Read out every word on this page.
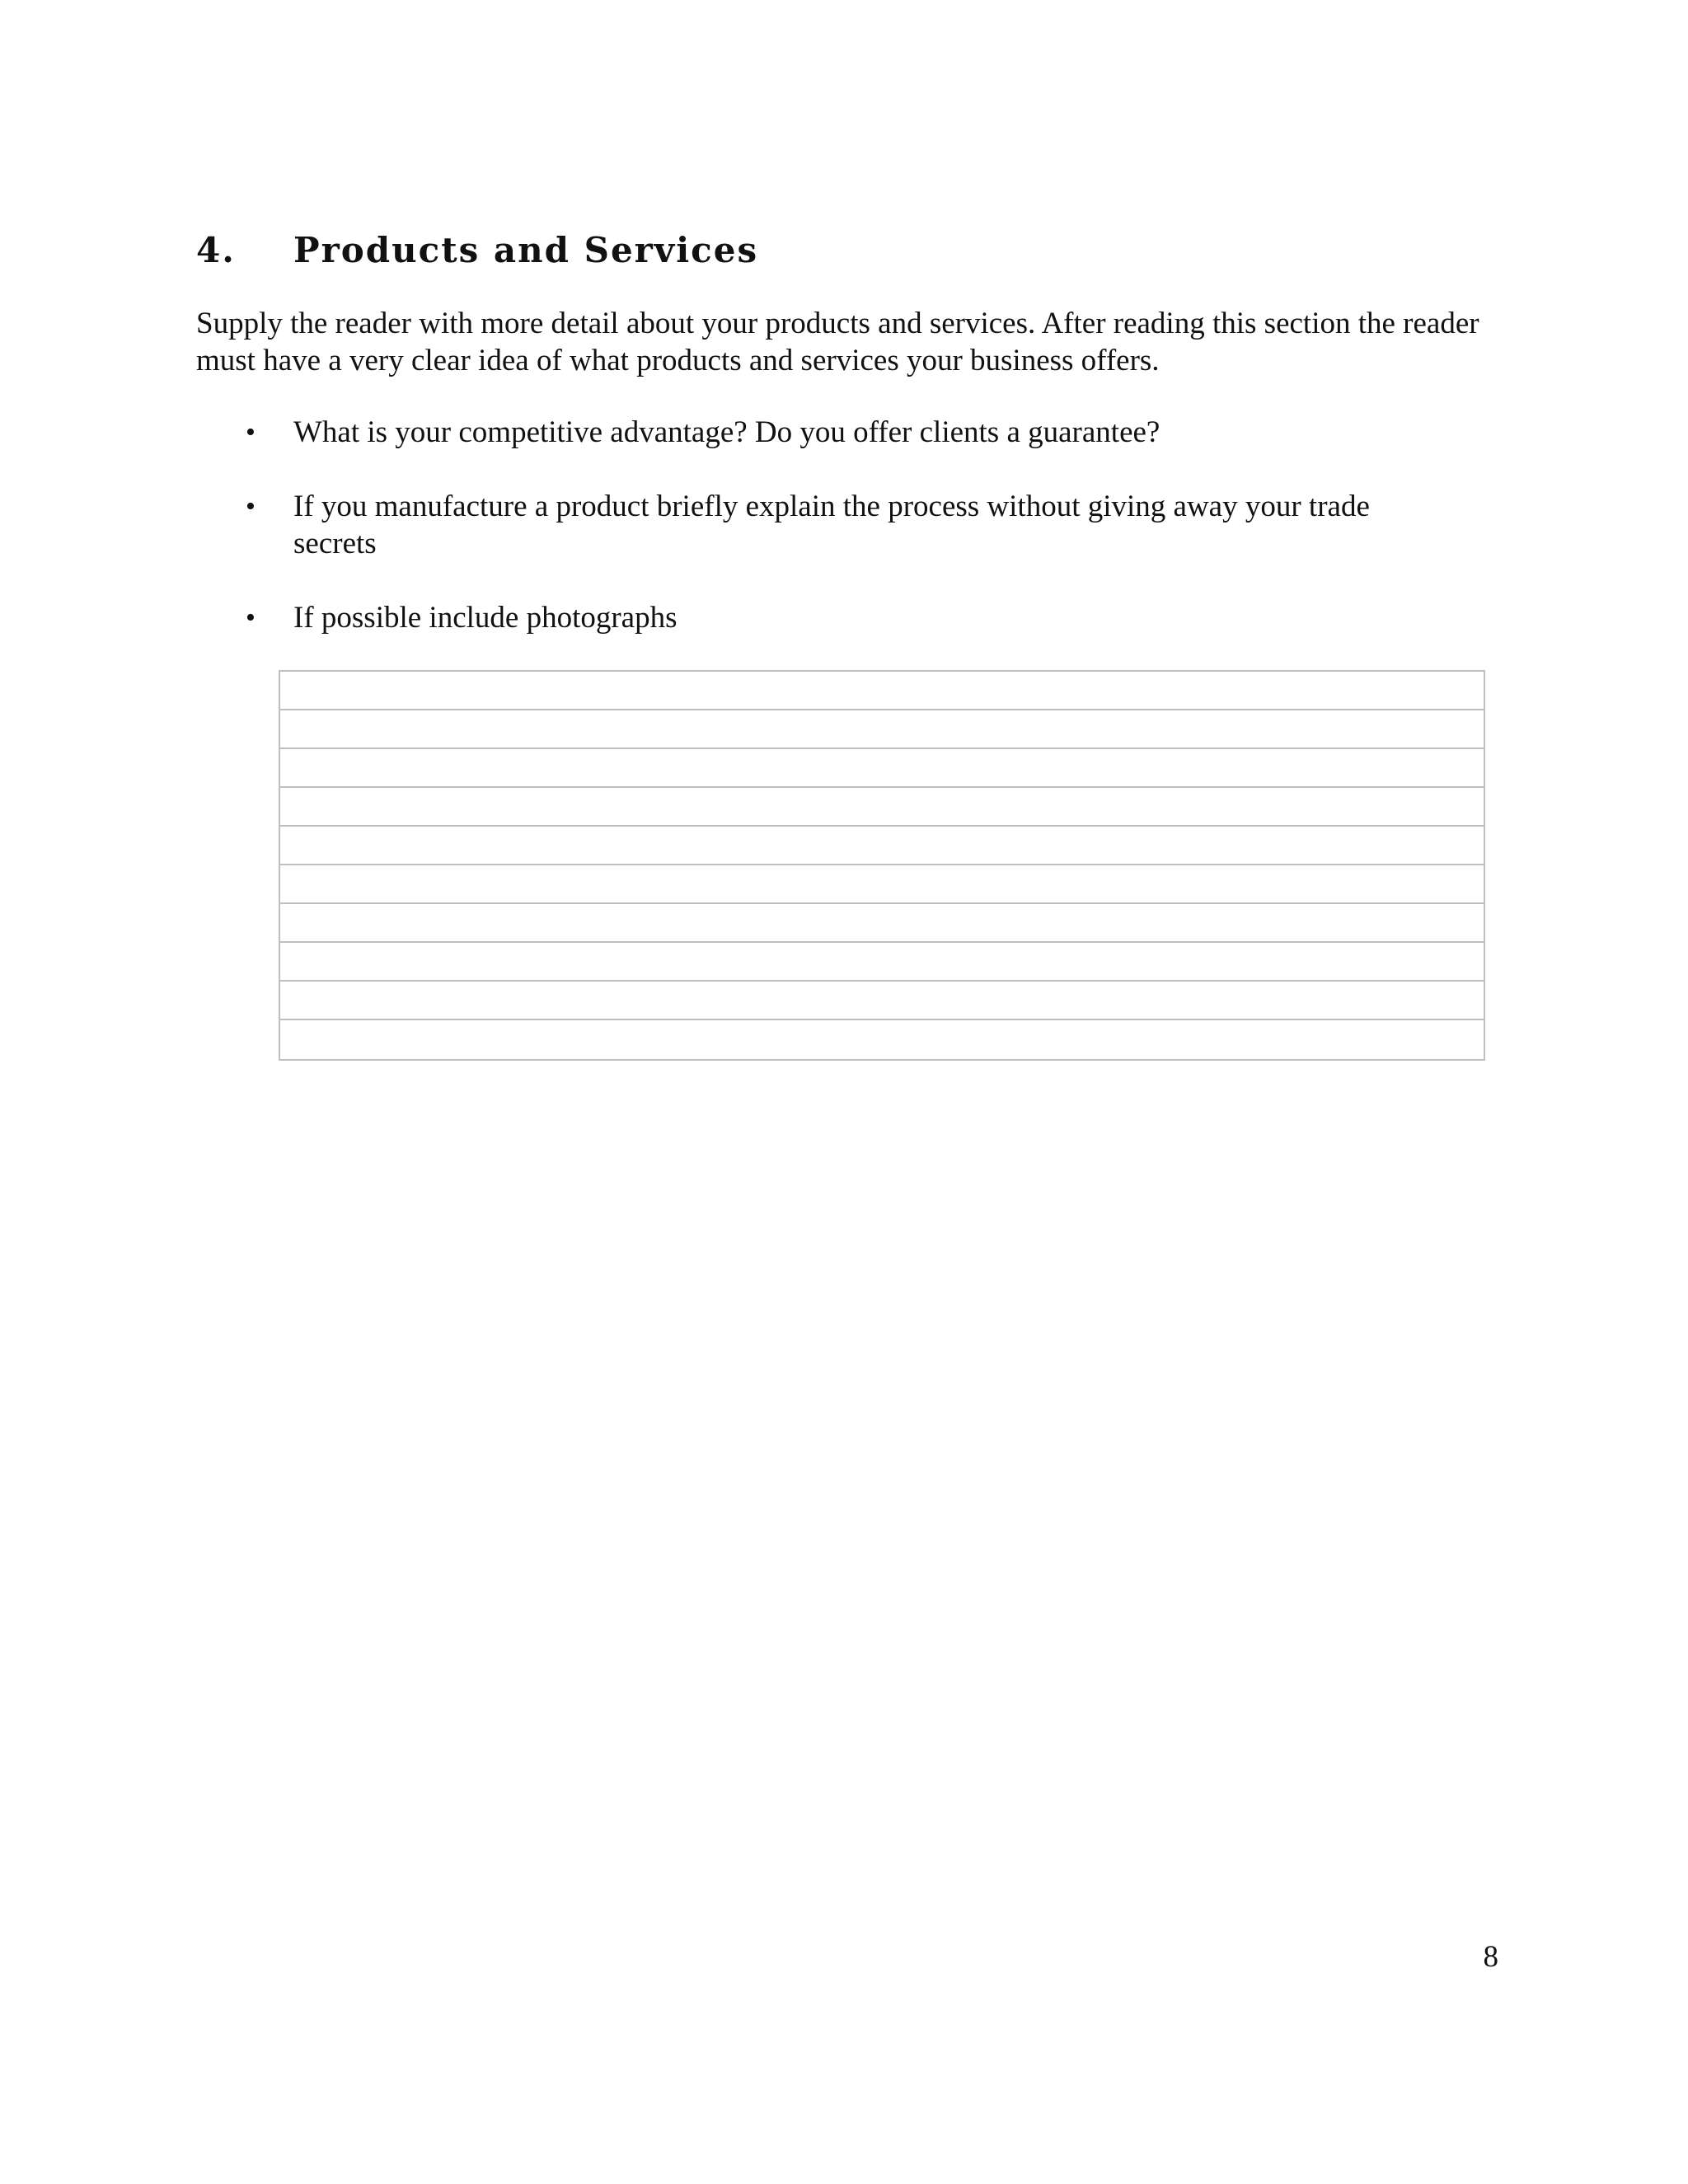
4. Products and Services

Supply the reader with more detail about your products and services. After reading this section the reader must have a very clear idea of what products and services your business offers.

• What is your competitive advantage? Do you offer clients a guarantee?
• If you manufacture a product briefly explain the process without giving away your trade secrets
• If possible include photographs
8
